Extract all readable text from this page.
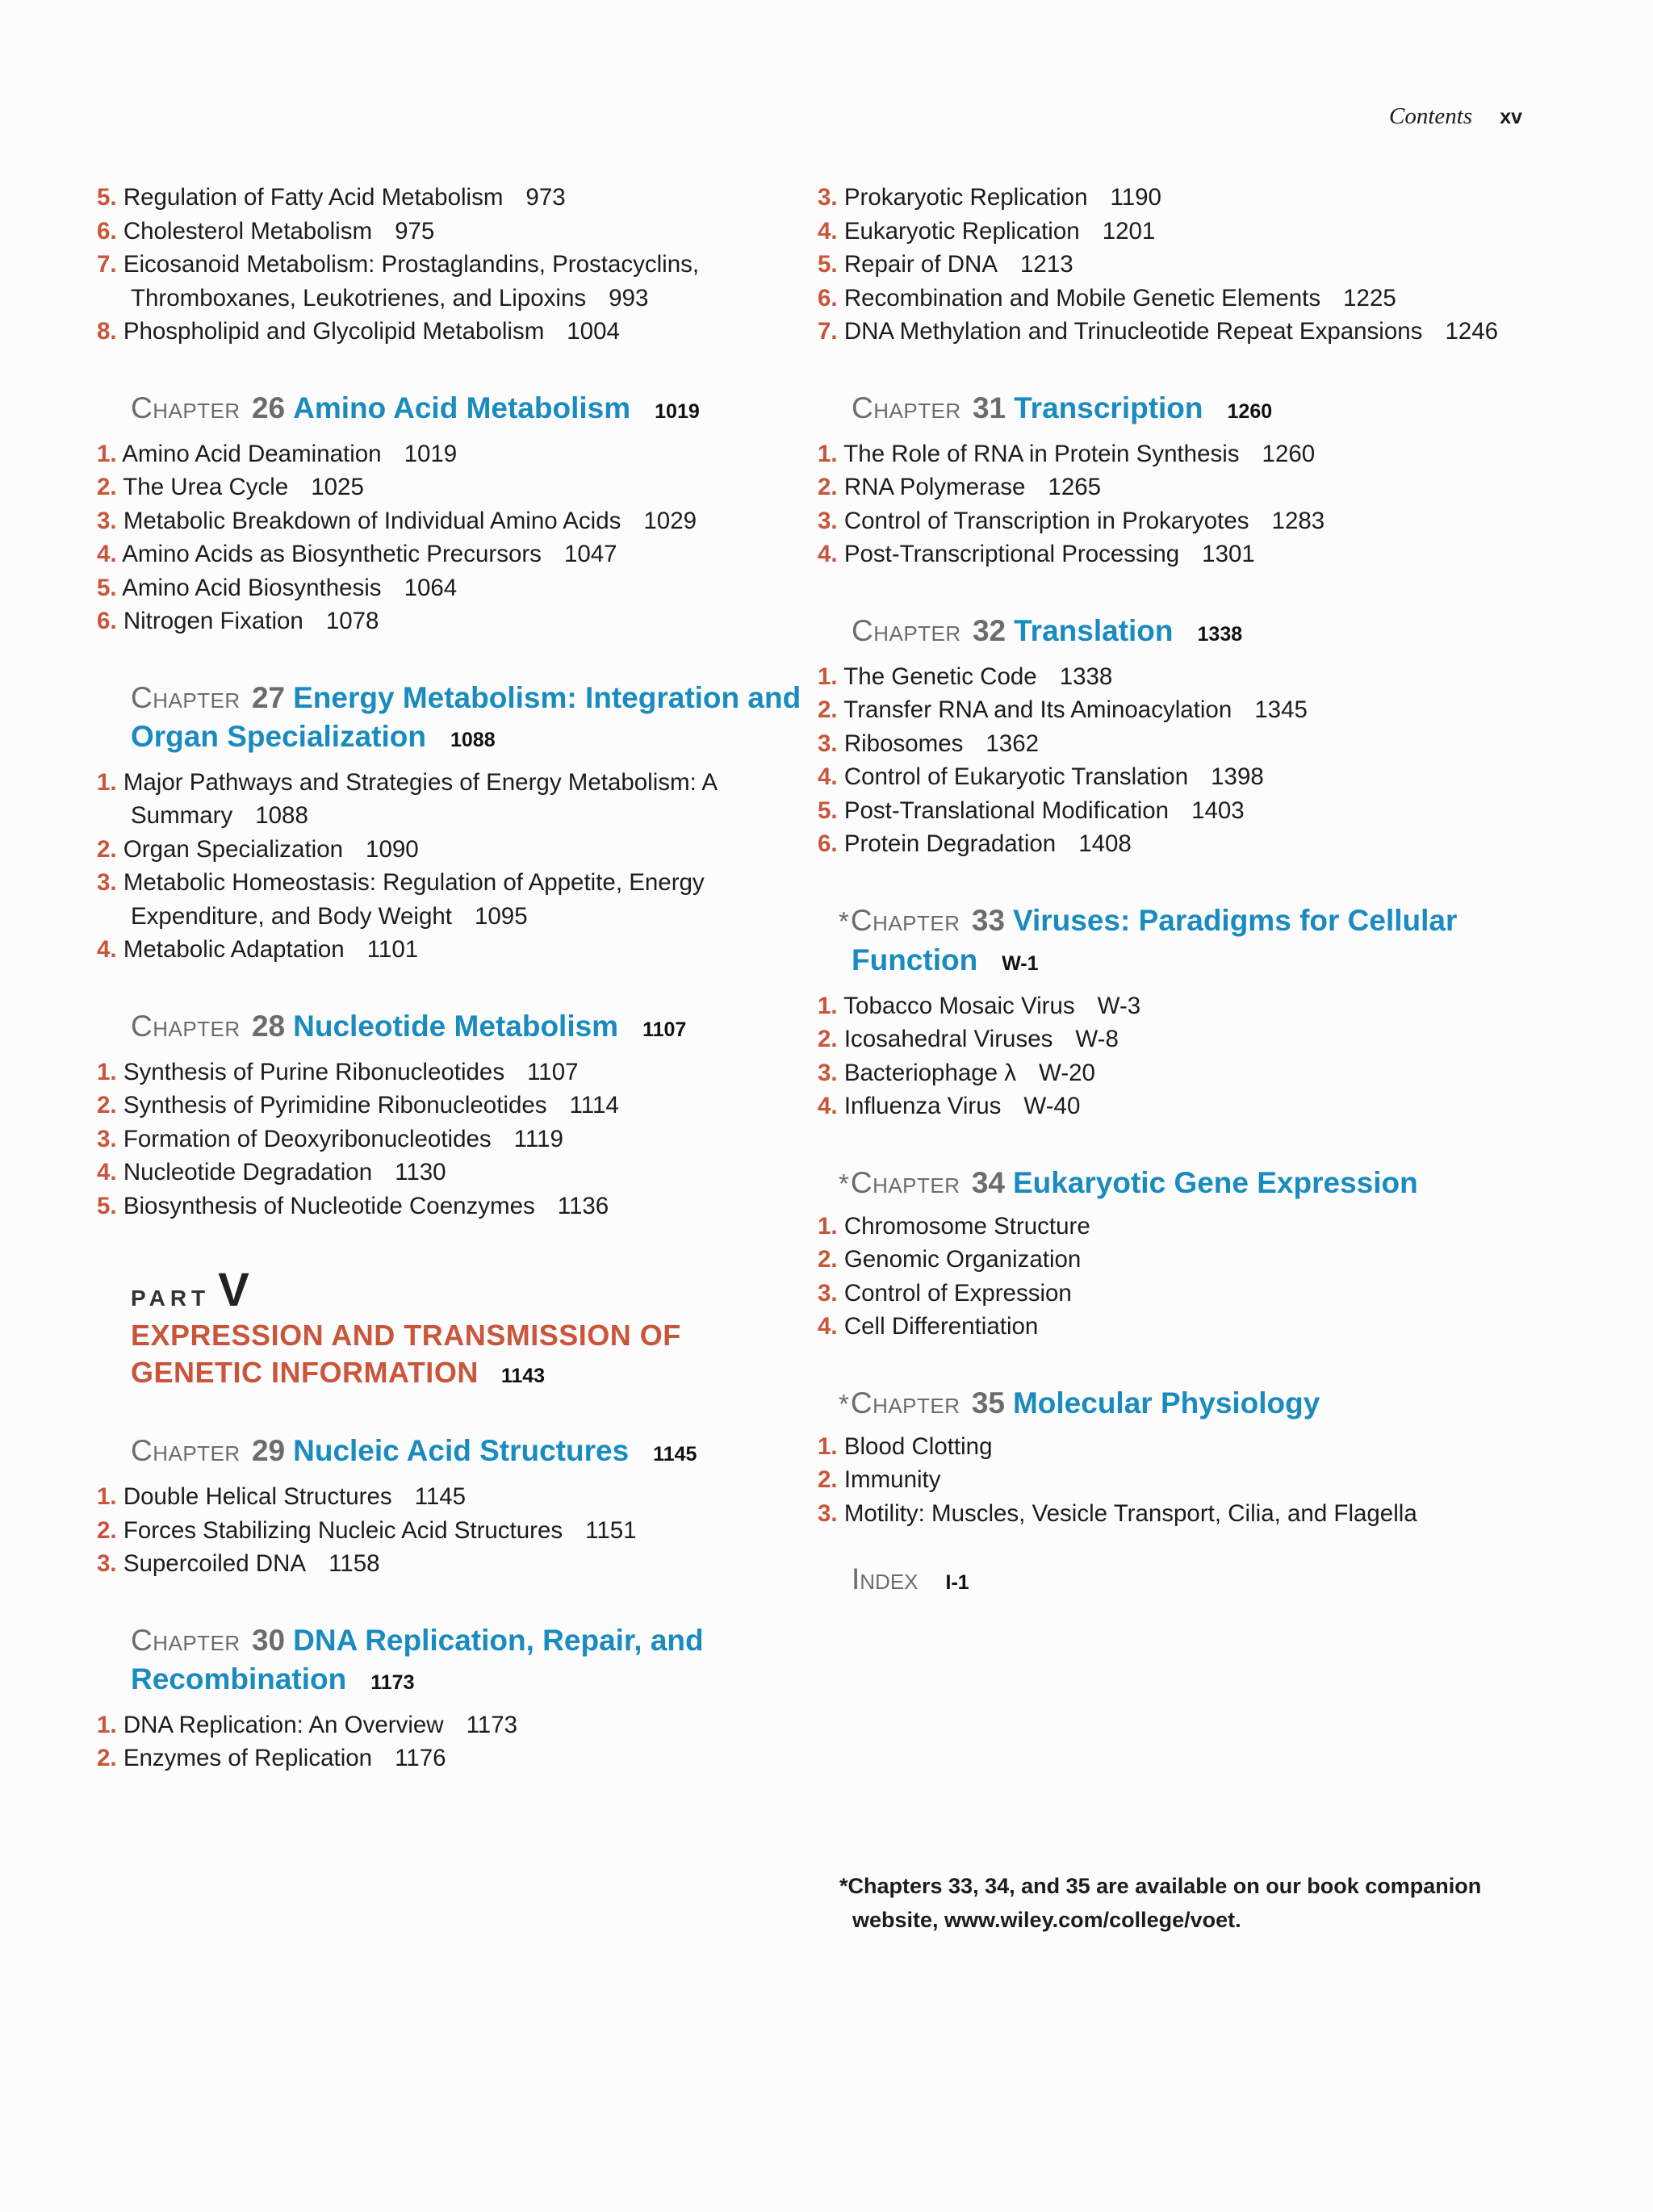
Contents xv
5. Regulation of Fatty Acid Metabolism 973
6. Cholesterol Metabolism 975
7. Eicosanoid Metabolism: Prostaglandins, Prostacyclins, Thromboxanes, Leukotrienes, and Lipoxins 993
8. Phospholipid and Glycolipid Metabolism 1004
Chapter 26 Amino Acid Metabolism 1019
1. Amino Acid Deamination 1019
2. The Urea Cycle 1025
3. Metabolic Breakdown of Individual Amino Acids 1029
4. Amino Acids as Biosynthetic Precursors 1047
5. Amino Acid Biosynthesis 1064
6. Nitrogen Fixation 1078
Chapter 27 Energy Metabolism: Integration and Organ Specialization 1088
1. Major Pathways and Strategies of Energy Metabolism: A Summary 1088
2. Organ Specialization 1090
3. Metabolic Homeostasis: Regulation of Appetite, Energy Expenditure, and Body Weight 1095
4. Metabolic Adaptation 1101
Chapter 28 Nucleotide Metabolism 1107
1. Synthesis of Purine Ribonucleotides 1107
2. Synthesis of Pyrimidine Ribonucleotides 1114
3. Formation of Deoxyribonucleotides 1119
4. Nucleotide Degradation 1130
5. Biosynthesis of Nucleotide Coenzymes 1136
PART V
EXPRESSION AND TRANSMISSION OF GENETIC INFORMATION 1143
Chapter 29 Nucleic Acid Structures 1145
1. Double Helical Structures 1145
2. Forces Stabilizing Nucleic Acid Structures 1151
3. Supercoiled DNA 1158
Chapter 30 DNA Replication, Repair, and Recombination 1173
1. DNA Replication: An Overview 1173
2. Enzymes of Replication 1176
3. Prokaryotic Replication 1190
4. Eukaryotic Replication 1201
5. Repair of DNA 1213
6. Recombination and Mobile Genetic Elements 1225
7. DNA Methylation and Trinucleotide Repeat Expansions 1246
Chapter 31 Transcription 1260
1. The Role of RNA in Protein Synthesis 1260
2. RNA Polymerase 1265
3. Control of Transcription in Prokaryotes 1283
4. Post-Transcriptional Processing 1301
Chapter 32 Translation 1338
1. The Genetic Code 1338
2. Transfer RNA and Its Aminoacylation 1345
3. Ribosomes 1362
4. Control of Eukaryotic Translation 1398
5. Post-Translational Modification 1403
6. Protein Degradation 1408
*Chapter 33 Viruses: Paradigms for Cellular Function W-1
1. Tobacco Mosaic Virus W-3
2. Icosahedral Viruses W-8
3. Bacteriophage λ W-20
4. Influenza Virus W-40
*Chapter 34 Eukaryotic Gene Expression
1. Chromosome Structure
2. Genomic Organization
3. Control of Expression
4. Cell Differentiation
*Chapter 35 Molecular Physiology
1. Blood Clotting
2. Immunity
3. Motility: Muscles, Vesicle Transport, Cilia, and Flagella
Index I-1
*Chapters 33, 34, and 35 are available on our book companion website, www.wiley.com/college/voet.
